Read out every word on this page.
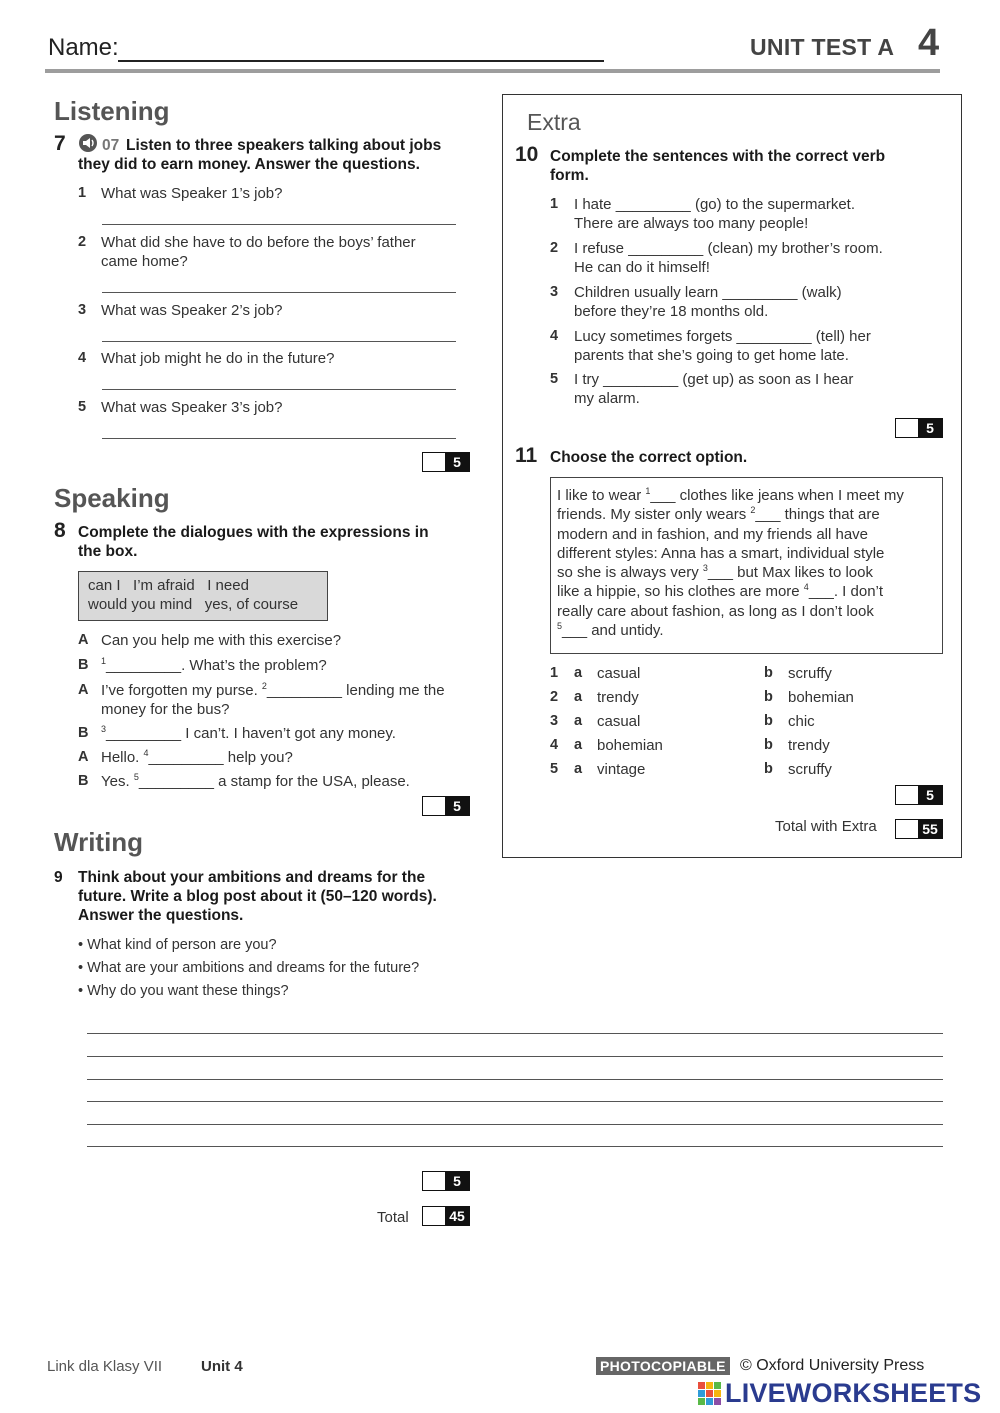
Name:	UNIT TEST A 4
Listening
7 07 Listen to three speakers talking about jobs
they did to earn money. Answer the questions.
1 What was Speaker 1’s job?
2 What did she have to do before the boys’ father
came home?
3 What was Speaker 2’s job?
4 What job might he do in the future?
5 What was Speaker 3’s job?
5
Speaking
8 Complete the dialogues with the expressions in
the box.
can I   I’m afraid   I need
would you mind   yes, of course
A Can you help me with this exercise?
B $^1$_________. What’s the problem?
A I’ve forgotten my purse. $^2$_________ lending me the
money for the bus?
B $^3$_________ I can’t. I haven’t got any money.
A Hello. $^4$_________ help you?
B Yes. $^5$_________ a stamp for the USA, please.
5
Writing
9 Think about your ambitions and dreams for the
future. Write a blog post about it (50–120 words).
Answer the questions.
• What kind of person are you?
• What are your ambitions and dreams for the future?
• Why do you want these things?
5
Total	45
Extra
10 Complete the sentences with the correct verb
form.
1 I hate _________ (go) to the supermarket.
There are always too many people!
2 I refuse _________ (clean) my brother’s room.
He can do it himself!
3 Children usually learn _________ (walk)
before they’re 18 months old.
4 Lucy sometimes forgets _________ (tell) her
parents that she’s going to get home late.
5 I try _________ (get up) as soon as I hear
my alarm.
5
11 Choose the correct option.
I like to wear $^1$___ clothes like jeans when I meet my
friends. My sister only wears $^2$___ things that are
modern and in fashion, and my friends all have
different styles: Anna has a smart, individual style
so she is always very $^3$___ but Max likes to look
like a hippie, so his clothes are more $^4$___. I don’t
really care about fashion, as long as I don’t look
$^5$___ and untidy.
1 a casual	b scruffy
2 a trendy	b bohemian
3 a casual	b chic
4 a bohemian	b trendy
5 a vintage	b scruffy
5
Total with Extra	55
Link dla Klasy VII	Unit 4	PHOTOCOPIABLE © Oxford University Press
LIVEWORKSHEETS
